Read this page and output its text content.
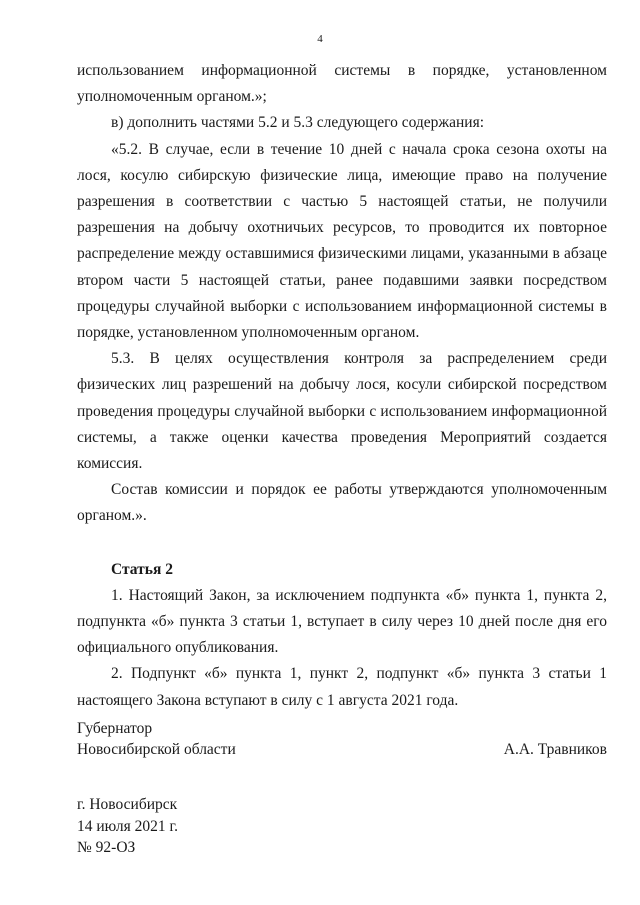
4

использованием информационной системы в порядке, установленном уполномоченным органом.»;

в) дополнить частями 5.2 и 5.3 следующего содержания:

«5.2. В случае, если в течение 10 дней с начала срока сезона охоты на лося, косулю сибирскую физические лица, имеющие право на получение разрешения в соответствии с частью 5 настоящей статьи, не получили разрешения на добычу охотничьих ресурсов, то проводится их повторное распределение между оставшимися физическими лицами, указанными в абзаце втором части 5 настоящей статьи, ранее подавшими заявки посредством процедуры случайной выборки с использованием информационной системы в порядке, установленном уполномоченным органом.

5.3. В целях осуществления контроля за распределением среди физических лиц разрешений на добычу лося, косули сибирской посредством проведения процедуры случайной выборки с использованием информационной системы, а также оценки качества проведения Мероприятий создается комиссия.

Состав комиссии и порядок ее работы утверждаются уполномоченным органом.».

Статья 2

1. Настоящий Закон, за исключением подпункта «б» пункта 1, пункта 2, подпункта «б» пункта 3 статьи 1, вступает в силу через 10 дней после дня его официального опубликования.

2. Подпункт «б» пункта 1, пункт 2, подпункт «б» пункта 3 статьи 1 настоящего Закона вступают в силу с 1 августа 2021 года.

Губернатор
Новосибирской области	А.А. Травников
г. Новосибирск
14 июля 2021 г.
№ 92-ОЗ
